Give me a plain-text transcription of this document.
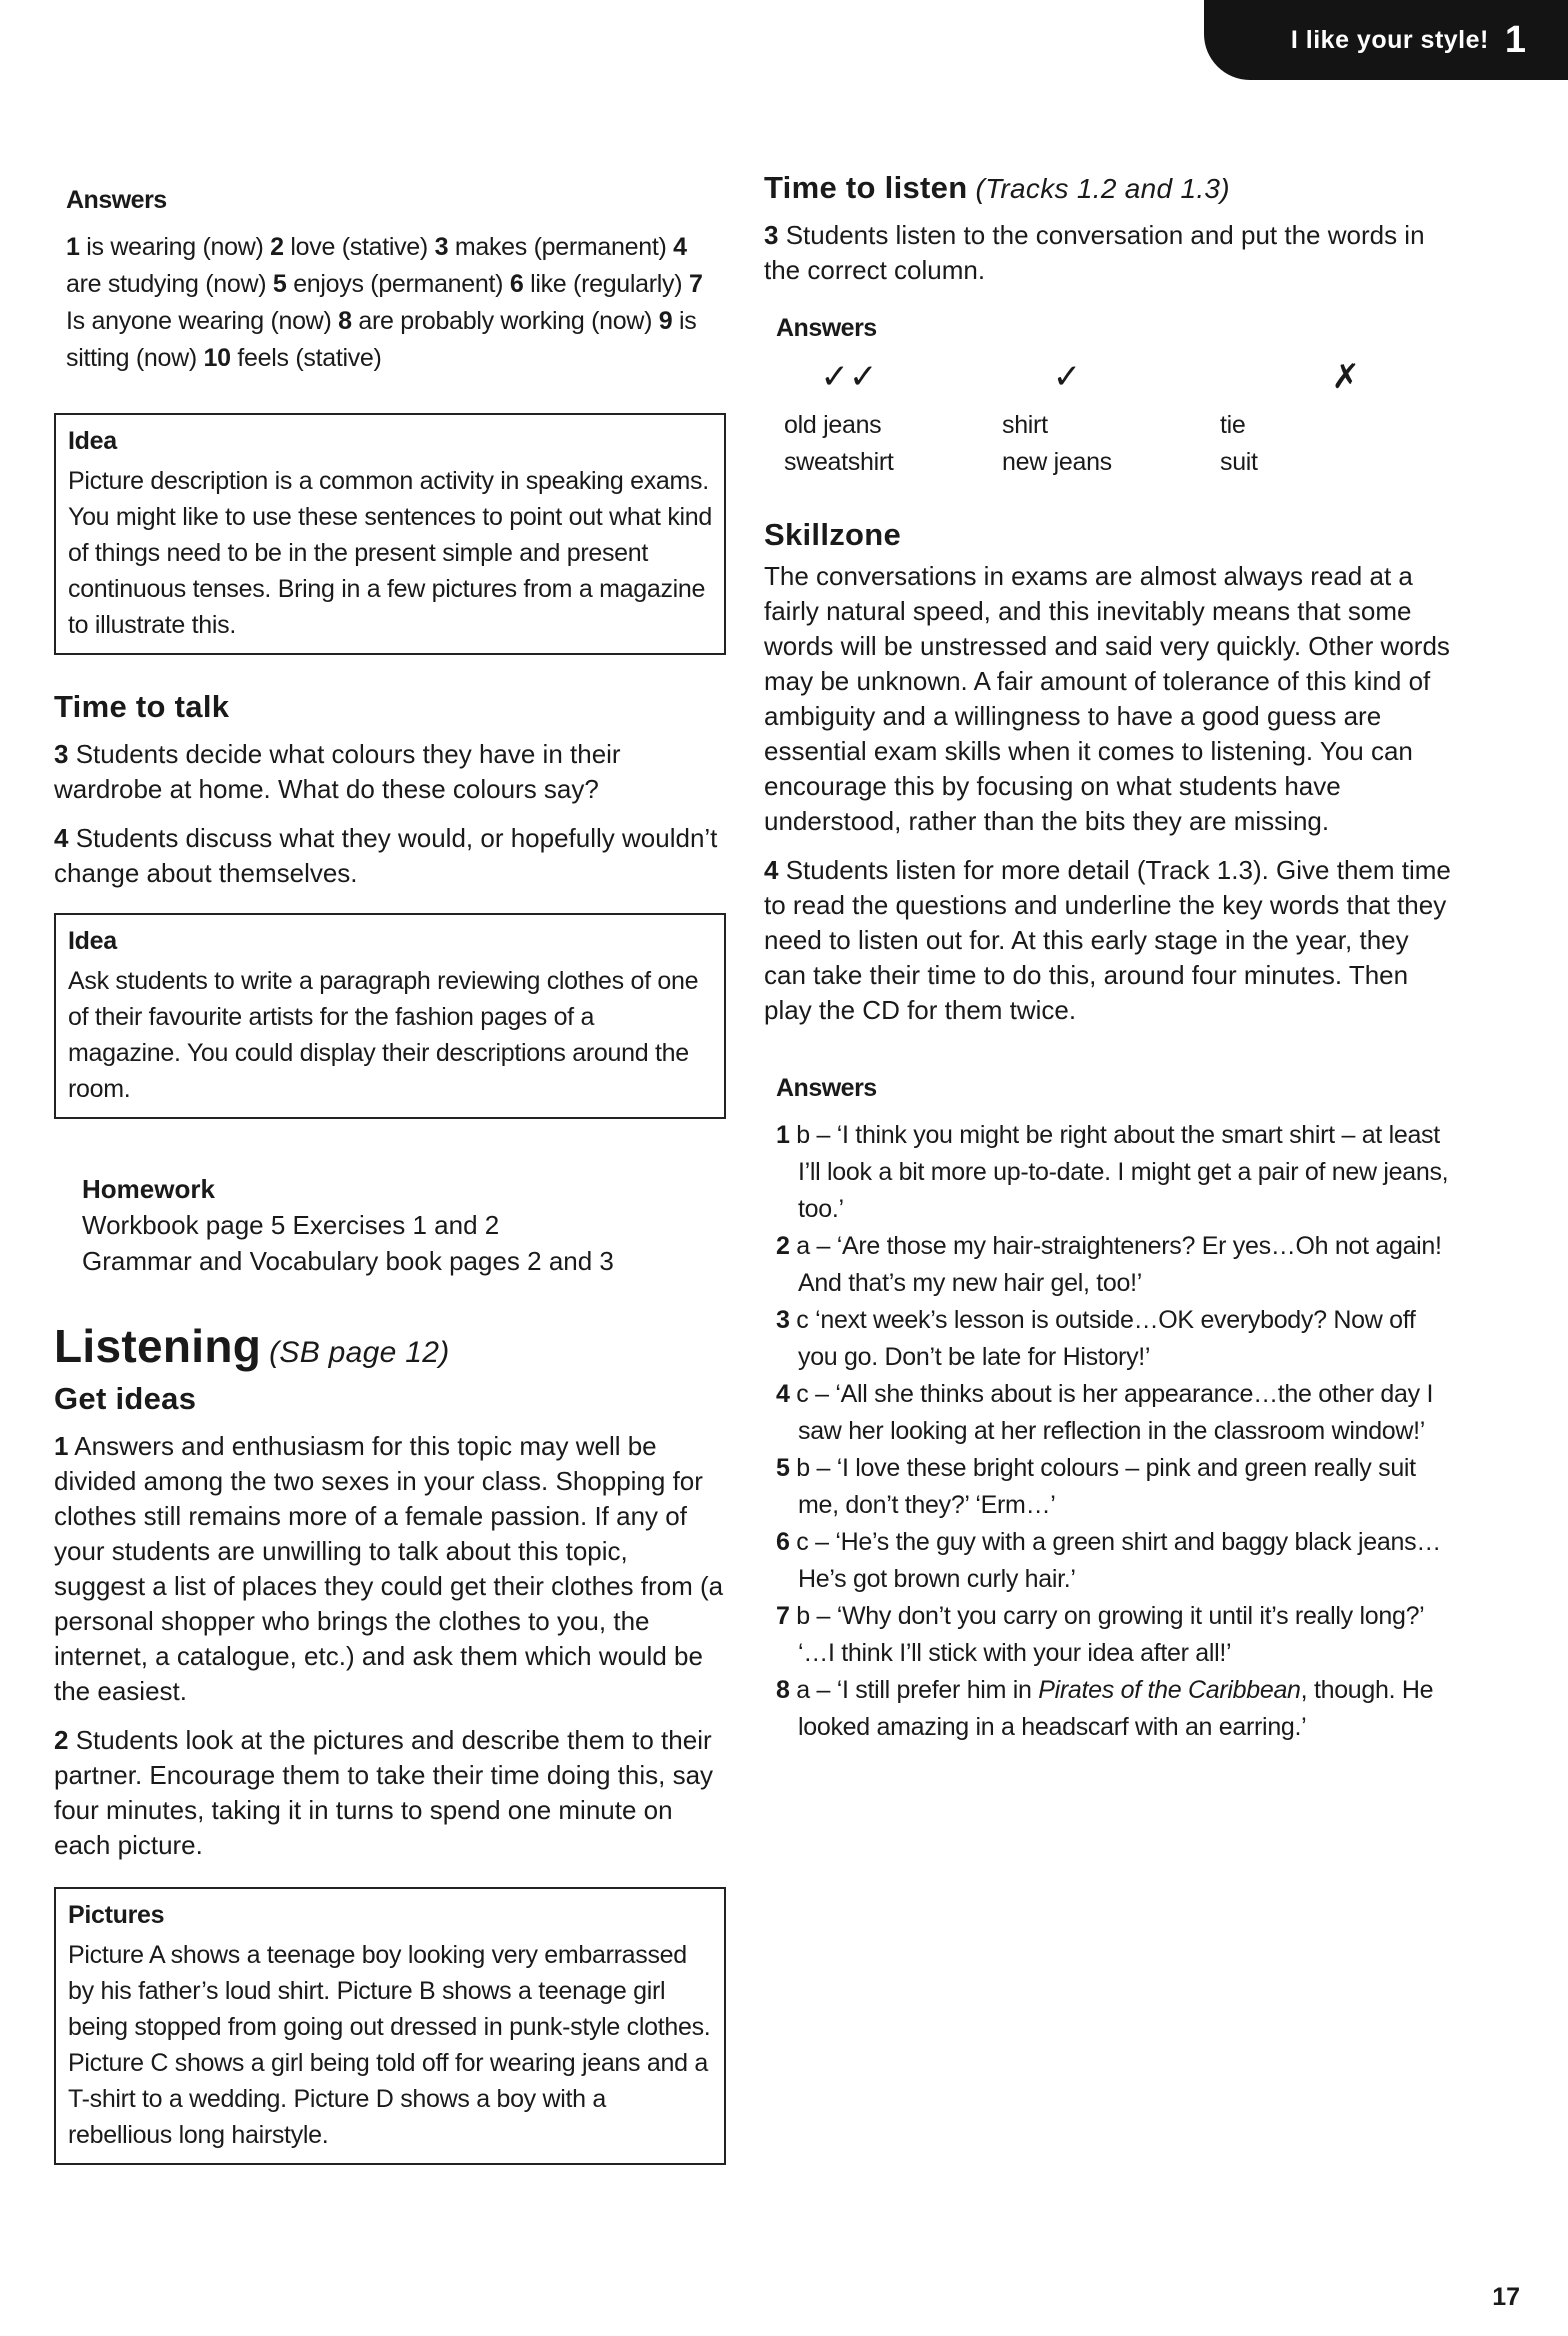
I like your style! 1
Answers
1 is wearing (now) 2 love (stative) 3 makes (permanent) 4 are studying (now) 5 enjoys (permanent) 6 like (regularly) 7 Is anyone wearing (now) 8 are probably working (now) 9 is sitting (now) 10 feels (stative)
Idea
Picture description is a common activity in speaking exams. You might like to use these sentences to point out what kind of things need to be in the present simple and present continuous tenses. Bring in a few pictures from a magazine to illustrate this.
Time to talk

3 Students decide what colours they have in their wardrobe at home. What do these colours say?

4 Students discuss what they would, or hopefully wouldn’t change about themselves.

Idea
Ask students to write a paragraph reviewing clothes of one of their favourite artists for the fashion pages of a magazine. You could display their descriptions around the room.
Homework
Workbook page 5 Exercises 1 and 2
Grammar and Vocabulary book pages 2 and 3
Listening (SB page 12)
Get ideas

1 Answers and enthusiasm for this topic may well be divided among the two sexes in your class. Shopping for clothes still remains more of a female passion. If any of your students are unwilling to talk about this topic, suggest a list of places they could get their clothes from (a personal shopper who brings the clothes to you, the internet, a catalogue, etc.) and ask them which would be the easiest.

2 Students look at the pictures and describe them to their partner. Encourage them to take their time doing this, say four minutes, taking it in turns to spend one minute on each picture.

Pictures
Picture A shows a teenage boy looking very embarrassed by his father’s loud shirt. Picture B shows a teenage girl being stopped from going out dressed in punk-style clothes. Picture C shows a girl being told off for wearing jeans and a T-shirt to a wedding. Picture D shows a boy with a rebellious long hairstyle.
Time to listen (Tracks 1.2 and 1.3)

3 Students listen to the conversation and put the words in the correct column.

Answers
✓✓
old jeans
sweatshirt
✓
shirt
new jeans
✗
tie
suit
Skillzone

The conversations in exams are almost always read at a fairly natural speed, and this inevitably means that some words will be unstressed and said very quickly. Other words may be unknown. A fair amount of tolerance of this kind of ambiguity and a willingness to have a good guess are essential exam skills when it comes to listening. You can encourage this by focusing on what students have understood, rather than the bits they are missing.

4 Students listen for more detail (Track 1.3). Give them time to read the questions and underline the key words that they need to listen out for. At this early stage in the year, they can take their time to do this, around four minutes. Then play the CD for them twice.

Answers
1 b – ‘I think you might be right about the smart shirt – at least I’ll look a bit more up-to-date. I might get a pair of new jeans, too.’
2 a – ‘Are those my hair-straighteners? Er yes…Oh not again! And that’s my new hair gel, too!’
3 c ‘next week’s lesson is outside…OK everybody? Now off you go. Don’t be late for History!’
4 c – ‘All she thinks about is her appearance…the other day I saw her looking at her reflection in the classroom window!’
5 b – ‘I love these bright colours – pink and green really suit me, don’t they?’ ‘Erm…’
6 c – ‘He’s the guy with a green shirt and baggy black jeans…He’s got brown curly hair.’
7 b – ‘Why don’t you carry on growing it until it’s really long?’ ‘…I think I’ll stick with your idea after all!’
8 a – ‘I still prefer him in Pirates of the Caribbean, though. He looked amazing in a headscarf with an earring.’
17
